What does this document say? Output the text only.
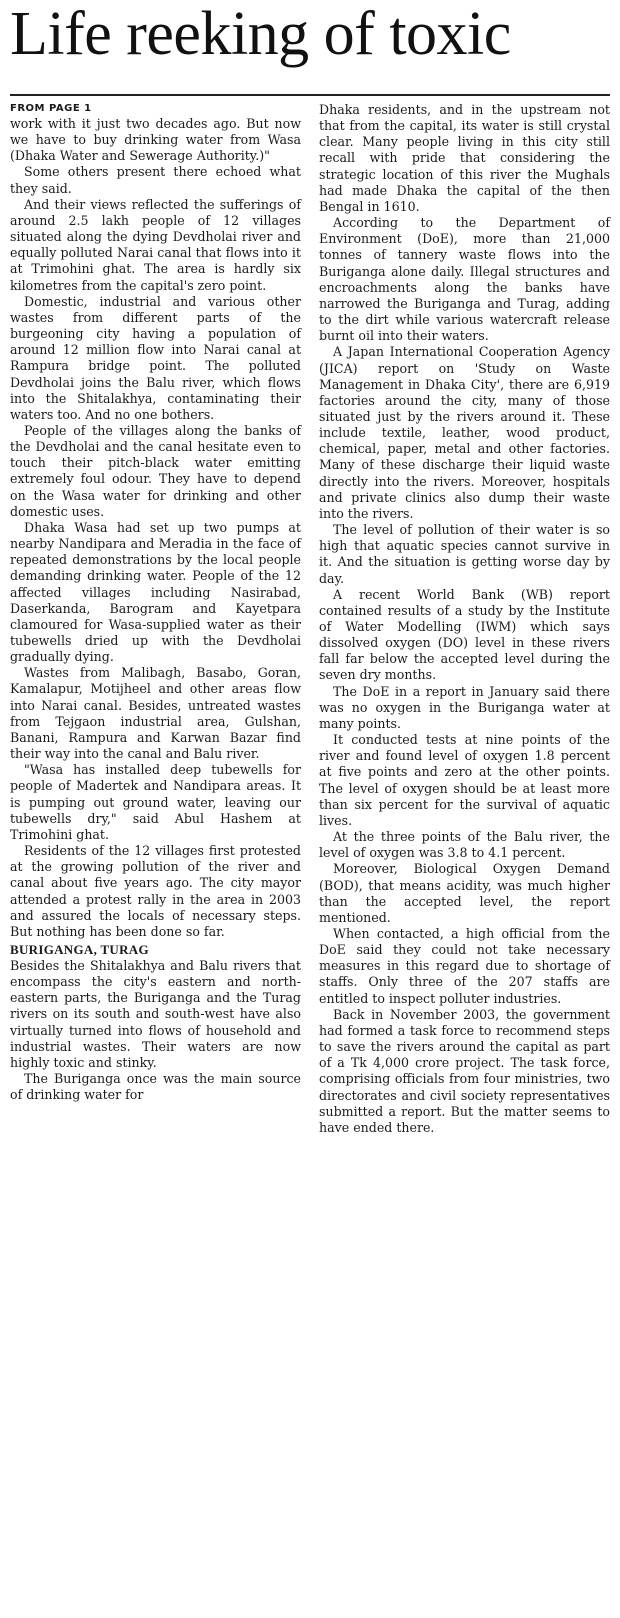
Life reeking of toxic
FROM PAGE 1

work with it just two decades ago. But now we have to buy drinking water from Wasa (Dhaka Water and Sewerage Authority.)"

Some others present there echoed what they said.

And their views reflected the sufferings of around 2.5 lakh people of 12 villages situated along the dying Devdholai river and equally polluted Narai canal that flows into it at Trimohini ghat. The area is hardly six kilometres from the capital's zero point.

Domestic, industrial and various other wastes from different parts of the burgeoning city having a population of around 12 million flow into Narai canal at Rampura bridge point. The polluted Devdholai joins the Balu river, which flows into the Shitalakhya, contaminating their waters too. And no one bothers.

People of the villages along the banks of the Devdholai and the canal hesitate even to touch their pitch-black water emitting extremely foul odour. They have to depend on the Wasa water for drinking and other domestic uses.

Dhaka Wasa had set up two pumps at nearby Nandipara and Meradia in the face of repeated demonstrations by the local people demanding drinking water. People of the 12 affected villages including Nasirabad, Daserkanda, Barogram and Kayetpara clamoured for Wasa-supplied water as their tubewells dried up with the Devdholai gradually dying.

Wastes from Malibagh, Basabo, Goran, Kamalapur, Motijheel and other areas flow into Narai canal. Besides, untreated wastes from Tejgaon industrial area, Gulshan, Banani, Rampura and Karwan Bazar find their way into the canal and Balu river.

"Wasa has installed deep tubewells for people of Madertek and Nandipara areas. It is pumping out ground water, leaving our tubewells dry," said Abul Hashem at Trimohini ghat.

Residents of the 12 villages first protested at the growing pollution of the river and canal about five years ago. The city mayor attended a protest rally in the area in 2003 and assured the locals of necessary steps. But nothing has been done so far.

BURIGANGA, TURAG

Besides the Shitalakhya and Balu rivers that encompass the city's eastern and north-eastern parts, the Buriganga and the Turag rivers on its south and south-west have also virtually turned into flows of household and industrial wastes. Their waters are now highly toxic and stinky.

The Buriganga once was the main source of drinking water for

Dhaka residents, and in the upstream not that from the capital, its water is still crystal clear. Many people living in this city still recall with pride that considering the strategic location of this river the Mughals had made Dhaka the capital of the then Bengal in 1610.

According to the Department of Environment (DoE), more than 21,000 tonnes of tannery waste flows into the Buriganga alone daily. Illegal structures and encroachments along the banks have narrowed the Buriganga and Turag, adding to the dirt while various watercraft release burnt oil into their waters.

A Japan International Cooperation Agency (JICA) report on 'Study on Waste Management in Dhaka City', there are 6,919 factories around the city, many of those situated just by the rivers around it. These include textile, leather, wood product, chemical, paper, metal and other factories. Many of these discharge their liquid waste directly into the rivers. Moreover, hospitals and private clinics also dump their waste into the rivers.

The level of pollution of their water is so high that aquatic species cannot survive in it. And the situation is getting worse day by day.

A recent World Bank (WB) report contained results of a study by the Institute of Water Modelling (IWM) which says dissolved oxygen (DO) level in these rivers fall far below the accepted level during the seven dry months.

The DoE in a report in January said there was no oxygen in the Buriganga water at many points.

It conducted tests at nine points of the river and found level of oxygen 1.8 percent at five points and zero at the other points. The level of oxygen should be at least more than six percent for the survival of aquatic lives.

At the three points of the Balu river, the level of oxygen was 3.8 to 4.1 percent.

Moreover, Biological Oxygen Demand (BOD), that means acidity, was much higher than the accepted level, the report mentioned.

When contacted, a high official from the DoE said they could not take necessary measures in this regard due to shortage of staffs. Only three of the 207 staffs are entitled to inspect polluter industries.

Back in November 2003, the government had formed a task force to recommend steps to save the rivers around the capital as part of a Tk 4,000 crore project. The task force, comprising officials from four ministries, two directorates and civil society representatives submitted a report. But the matter seems to have ended there.
